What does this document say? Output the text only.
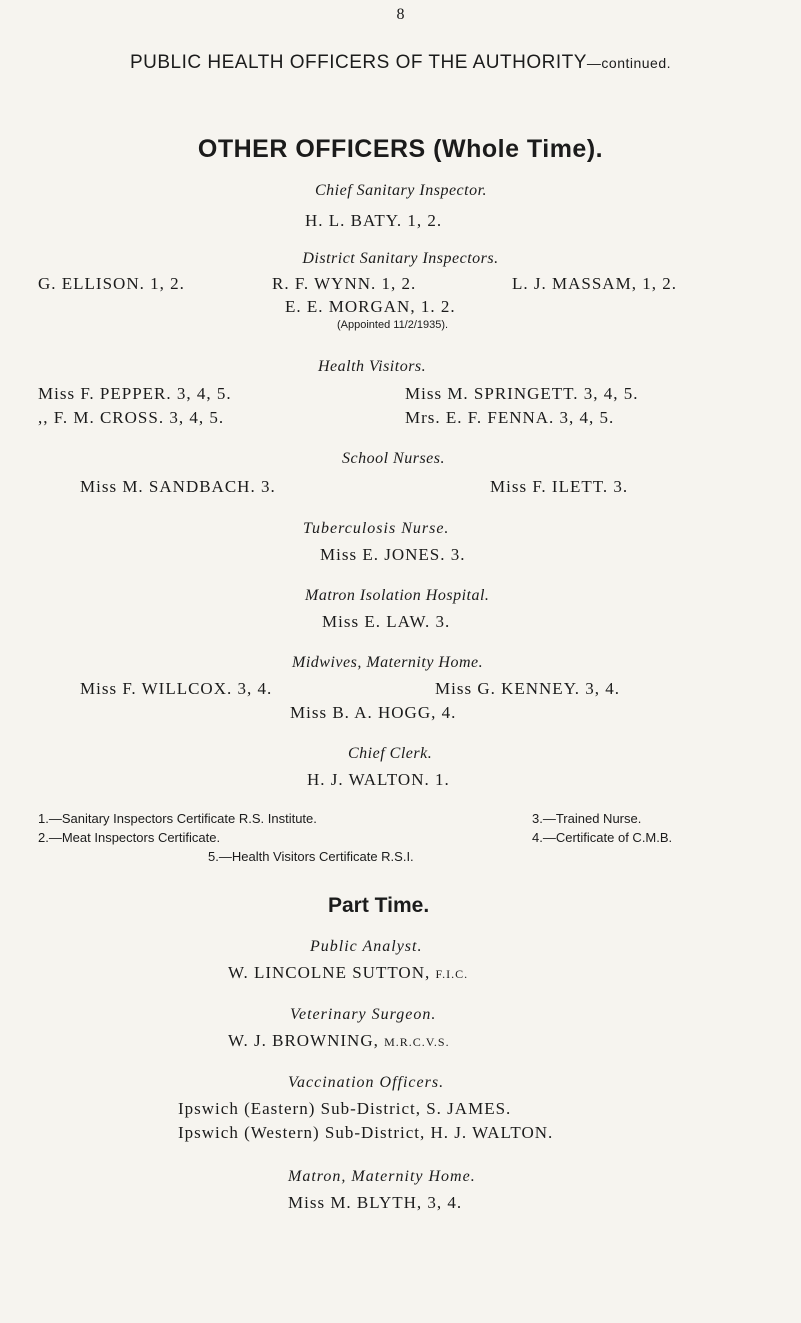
8
PUBLIC HEALTH OFFICERS OF THE AUTHORITY—continued.
OTHER OFFICERS (Whole Time).
Chief Sanitary Inspector.
H. L. BATY. 1, 2.
District Sanitary Inspectors.
G. ELLISON. 1, 2.	R. F. WYNN. 1, 2.	L. J. MASSAM, 1, 2.
E. E. MORGAN, 1. 2.
(Appointed 11/2/1935).
Health Visitors.
Miss F. PEPPER. 3, 4, 5.	Miss M. SPRINGETT. 3, 4, 5.
,, F. M. CROSS. 3, 4, 5.	Mrs. E. F. FENNA. 3, 4, 5.
School Nurses.
Miss M. SANDBACH. 3.	Miss F. ILETT. 3.
Tuberculosis Nurse.
Miss E. JONES. 3.
Matron Isolation Hospital.
Miss E. LAW. 3.
Midwives, Maternity Home.
Miss F. WILLCOX. 3, 4.	Miss G. KENNEY. 3, 4.
Miss B. A. HOGG, 4.
Chief Clerk.
H. J. WALTON. 1.
1.—Sanitary Inspectors Certificate R.S. Institute.
2.—Meat Inspectors Certificate.
3.—Trained Nurse.
4.—Certificate of C.M.B.
5.—Health Visitors Certificate R.S.I.
Part Time.
Public Analyst.
W. LINCOLNE SUTTON, F.I.C.
Veterinary Surgeon.
W. J. BROWNING, M.R.C.V.S.
Vaccination Officers.
Ipswich (Eastern) Sub-District, S. JAMES.
Ipswich (Western) Sub-District, H. J. WALTON.
Matron, Maternity Home.
Miss M. BLYTH, 3, 4.
